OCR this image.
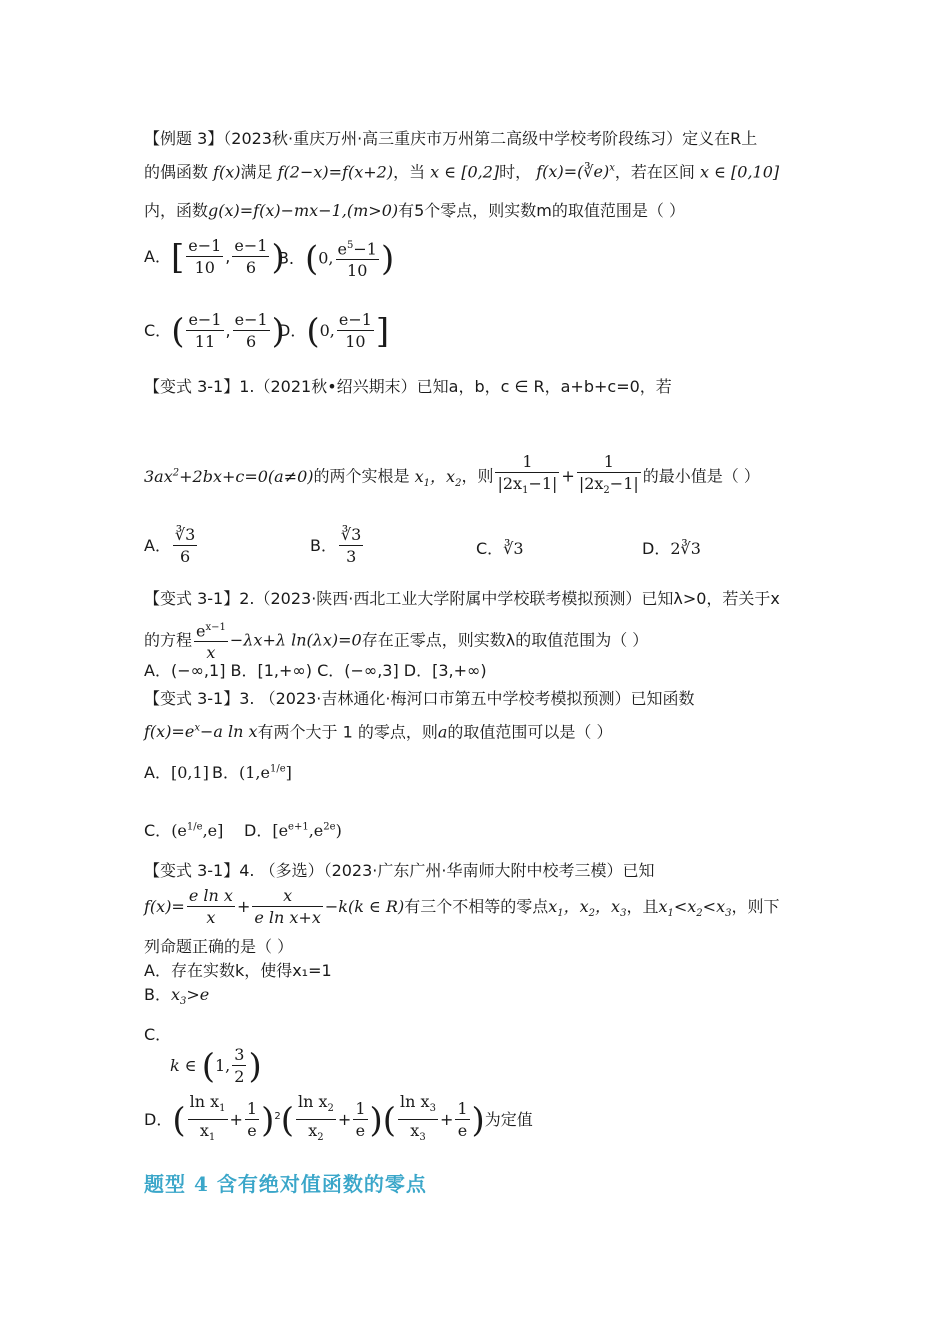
【例题 3】（2023秋·重庆万州·高三重庆市万州第二高级中学校考阶段练习）定义在R上
的偶函数 f(x)满足 f(2−x)=f(x+2)，当 x ∈ [0,2]时， f(x)=(∛e)$^x$，若在区间 x ∈ [0,10]
内，函数g(x)=f(x)−mx−1,(m>0)有5个零点，则实数m的取值范围是（ ）
A．[ $\frac{e-1}{10}$ , $\frac{e-1}{6}$ )
B．(0, $\frac{e^5-1}{10}$ )
C．( $\frac{e-1}{11}$ , $\frac{e-1}{6}$ )
D．(0, $\frac{e-1}{10}$ ]
【变式 3-1】1.（2021秋•绍兴期末）已知a，b，c ∈ R，a+b+c=0，若
$3ax^2+2bx+c=0(a\ne 0)$的两个实根是 $x_1$，$x_2$，则 $\frac{1}{|2x_1-1|} + \frac{1}{|2x_2-1|}$ 的最小值是（ ）
A． $\frac{∛3}{6}$	B． $\frac{∛3}{3}$	C．∛3	D．2∛3
【变式 3-1】2.（2023·陕西·西北工业大学附属中学校联考模拟预测）已知λ>0，若关于x
的方程 $\frac{e^{x-1}}{x} -\lambda x+\lambda$ ln(λx)=0存在正零点，则实数λ的取值范围为（ ）
A．(−∞,1] B．[1,+∞) C．(−∞,3] D．[3,+∞)
【变式 3-1】3. （2023·吉林通化·梅河口市第五中学校考模拟预测）已知函数
$f(x)=e^x-a$ ln x有两个大于 1 的零点，则a的取值范围可以是（ ）
A．[0,1] B．$(1,e^{1/e}]$
C．$(e^{1/e},e]$ D．$[e^{e+1},e^{2e})$
【变式 3-1】4. （多选）（2023·广东广州·华南师大附中校考三模）已知
$f(x)= \frac{\text{e ln x}}{x} + \frac{x}{\text{e ln x+x}} -k(k$ ∈ R)有三个不相等的零点$x_1$，$x_2$，$x_3$，且$x_1<x_2<x_3$，则下
列命题正确的是（ ）
A．存在实数k，使得x₁=1
B．$x_3>e$
C．
k ∈ (1, $\frac{3}{2}$ )
D．( $\frac{\ln x_1}{x_1} + \frac{1}{e} )^2( \frac{\ln x_2}{x_2} + \frac{1}{e}$ )( $\frac{\ln x_3}{x_3} + \frac{1}{e}$ )为定值
题型 4 含有绝对值函数的零点
